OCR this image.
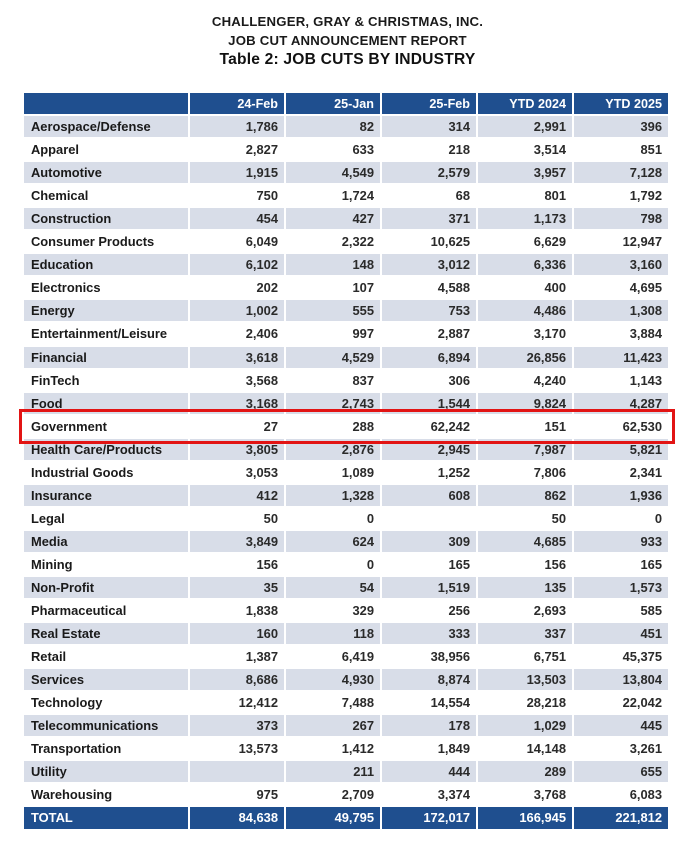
CHALLENGER, GRAY & CHRISTMAS, INC.
JOB CUT ANNOUNCEMENT REPORT
Table 2: JOB CUTS BY INDUSTRY
	24-Feb	25-Jan	25-Feb	YTD 2024	YTD 2025
Aerospace/Defense	1,786	82	314	2,991	396
Apparel	2,827	633	218	3,514	851
Automotive	1,915	4,549	2,579	3,957	7,128
Chemical	750	1,724	68	801	1,792
Construction	454	427	371	1,173	798
Consumer Products	6,049	2,322	10,625	6,629	12,947
Education	6,102	148	3,012	6,336	3,160
Electronics	202	107	4,588	400	4,695
Energy	1,002	555	753	4,486	1,308
Entertainment/Leisure	2,406	997	2,887	3,170	3,884
Financial	3,618	4,529	6,894	26,856	11,423
FinTech	3,568	837	306	4,240	1,143
Food	3,168	2,743	1,544	9,824	4,287
Government	27	288	62,242	151	62,530
Health Care/Products	3,805	2,876	2,945	7,987	5,821
Industrial Goods	3,053	1,089	1,252	7,806	2,341
Insurance	412	1,328	608	862	1,936
Legal	50	0		50	0
Media	3,849	624	309	4,685	933
Mining	156	0	165	156	165
Non-Profit	35	54	1,519	135	1,573
Pharmaceutical	1,838	329	256	2,693	585
Real Estate	160	118	333	337	451
Retail	1,387	6,419	38,956	6,751	45,375
Services	8,686	4,930	8,874	13,503	13,804
Technology	12,412	7,488	14,554	28,218	22,042
Telecommunications	373	267	178	1,029	445
Transportation	13,573	1,412	1,849	14,148	3,261
Utility		211	444	289	655
Warehousing	975	2,709	3,374	3,768	6,083
TOTAL	84,638	49,795	172,017	166,945	221,812
